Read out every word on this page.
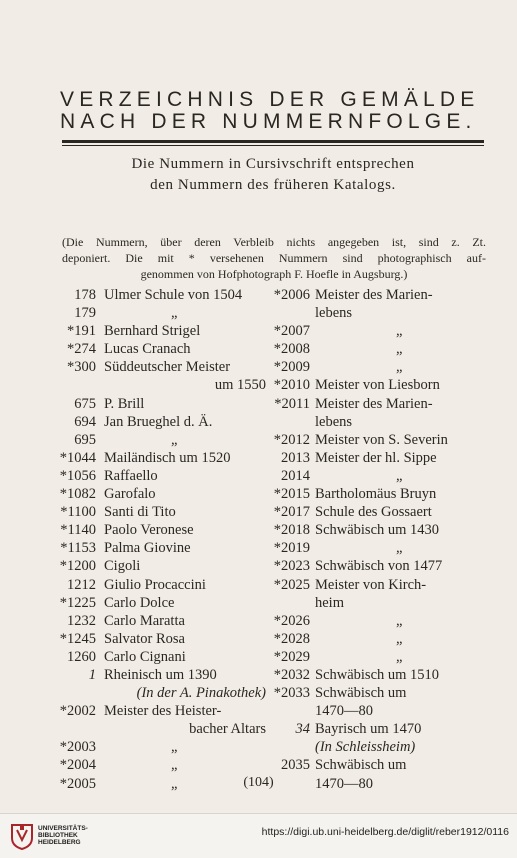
VERZEICHNIS DER GEMÄLDE
NACH DER NUMMERNFOLGE.
Die Nummern in Cursivschrift entsprechen
den Nummern des früheren Katalogs.
(Die Nummern, über deren Verbleib nichts angegeben ist, sind z. Zt.
deponiert. Die mit * versehenen Nummern sind photographisch auf-
genommen von Hofphotograph F. Hoefle in Augsburg.)
178 Ulmer Schule von 1504
179	„
*191 Bernhard Strigel
*274 Lucas Cranach
*300 Süddeutscher Meister
um 1550
675 P. Brill
694 Jan Brueghel d. Ä.
695	„
*1044 Mailändisch um 1520
*1056 Raffaello
*1082 Garofalo
*1100 Santi di Tito
*1140 Paolo Veronese
*1153 Palma Giovine
*1200 Cigoli
1212 Giulio Procaccini
*1225 Carlo Dolce
1232 Carlo Maratta
*1245 Salvator Rosa
1260 Carlo Cignani
1 Rheinisch um 1390
(In der A. Pinakothek)
*2002 Meister des Heister-
bacher Altars
*2003	„
*2004	„
*2005	„
*2006 Meister des Marien-
lebens
*2007	„
*2008	„
*2009	„
*2010 Meister von Liesborn
*2011 Meister des Marien-
lebens
*2012 Meister von S. Severin
2013 Meister der hl. Sippe
2014	„
*2015 Bartholomäus Bruyn
*2017 Schule des Gossaert
*2018 Schwäbisch um 1430
*2019	„
*2023 Schwäbisch von 1477
*2025 Meister von Kirch-
heim
*2026	„
*2028	„
*2029	„
*2032 Schwäbisch um 1510
*2033 Schwäbisch um
1470—80
34 Bayrisch um 1470
(In Schleissheim)
2035 Schwäbisch um
1470—80
(104)
UNIVERSITÄTS-
BIBLIOTHEK
HEIDELBERG
https://digi.ub.uni-heidelberg.de/diglit/reber1912/0116
